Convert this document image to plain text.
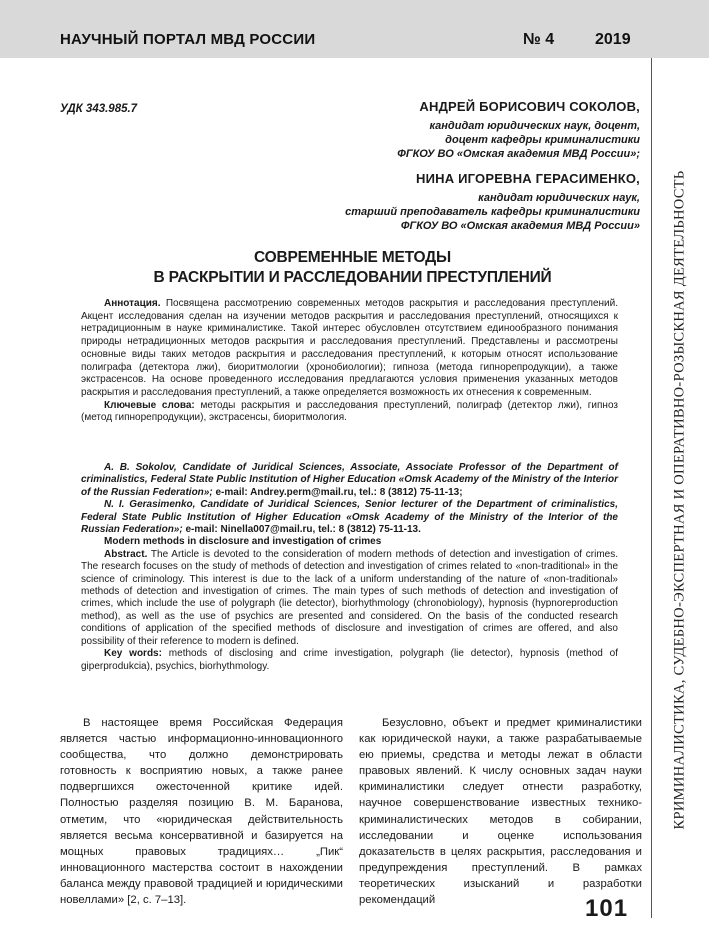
НАУЧНЫЙ ПОРТАЛ МВД РОССИИ	№ 4	2019
КРИМИНАЛИСТИКА, СУДЕБНО-ЭКСПЕРТНАЯ И ОПЕРАТИВНО-РОЗЫСКНАЯ ДЕЯТЕЛЬНОСТЬ
УДК 343.985.7	АНДРЕЙ БОРИСОВИЧ СОКОЛОВ,
кандидат юридических наук, доцент,
доцент кафедры криминалистики
ФГКОУ ВО «Омская академия МВД России»;
НИНА ИГОРЕВНА ГЕРАСИМЕНКО,
кандидат юридических наук,
старший преподаватель кафедры криминалистики
ФГКОУ ВО «Омская академия МВД России»
СОВРЕМЕННЫЕ МЕТОДЫ
В РАСКРЫТИИ И РАССЛЕДОВАНИИ ПРЕСТУПЛЕНИЙ

Аннотация. Посвящена рассмотрению современных методов раскрытия и расследования преступлений. Акцент исследования сделан на изучении методов раскрытия и расследования преступлений, относящихся к нетрадиционным в науке криминалистике. Такой интерес обусловлен отсутствием единообразного понимания природы нетрадиционных методов раскрытия и расследования преступлений. Представлены и рассмотрены основные виды таких методов раскрытия и расследования преступлений, к которым относят использование полиграфа (детектора лжи), биоритмологии (хронобиологии); гипноза (метода гипнорепродукции), а также экстрасенсов. На основе проведенного исследования предлагаются условия применения указанных методов раскрытия и расследования преступлений, а также определяется возможность их отнесения к современным.

Ключевые слова: методы раскрытия и расследования преступлений, полиграф (детектор лжи), гипноз (метод гипнорепродукции), экстрасенсы, биоритмология.

A. B. Sokolov, Candidate of Juridical Sciences, Associate, Associate Professor of the Department of criminalistics, Federal State Public Institution of Higher Education «Omsk Academy of the Ministry of the Interior of the Russian Federation»; e-mail: Andrey.perm@mail.ru, tel.: 8 (3812) 75-11-13;

N. I. Gerasimenko, Candidate of Juridical Sciences, Senior lecturer of the Department of criminalistics, Federal State Public Institution of Higher Education «Omsk Academy of the Ministry of the Interior of the Russian Federation»; e-mail: Ninella007@mail.ru, tel.: 8 (3812) 75-11-13.

Modern methods in disclosure and investigation of crimes

Abstract. The Article is devoted to the consideration of modern methods of detection and investigation of crimes. The research focuses on the study of methods of detection and investigation of crimes related to «non-traditional» in the science of criminology. This interest is due to the lack of a uniform understanding of the nature of «non-traditional» methods of detection and investigation of crimes. The main types of such methods of detection and investigation of crimes, which include the use of polygraph (lie detector), biorhythmology (chronobiology), hypnosis (hypnoreproduction method), as well as the use of psychics are presented and considered. On the basis of the conducted research conditions of application of the specified methods of disclosure and investigation of crimes are offered, and also possibility of their reference to modern is defined.

Key words: methods of disclosing and crime investigation, polygraph (lie detector), hypnosis (method of giperprodukcia), psychics, biorhythmology.

В настоящее время Российская Федерация является частью информационно-инновационного сообщества, что должно демонстрировать готовность к восприятию новых, а также ранее подвергшихся ожесточенной критике идей. Полностью разделяя позицию В. М. Баранова, отметим, что «юридическая действительность является весьма консервативной и базируется на мощных правовых традициях… „Пик“ инновационного мастерства состоит в нахождении баланса между правовой традицией и юридическими новеллами» [2, с. 7–13].

Безусловно, объект и предмет криминалистики как юридической науки, а также разрабатываемые ею приемы, средства и методы лежат в области правовых явлений. К числу основных задач науки криминалистики следует отнести разработку, научное совершенствование известных технико-криминалистических методов в собирании, исследовании и оценке использования доказательств в целях раскрытия, расследования и предупреждения преступлений. В рамках теоретических изысканий и разработки рекомендаций	101
